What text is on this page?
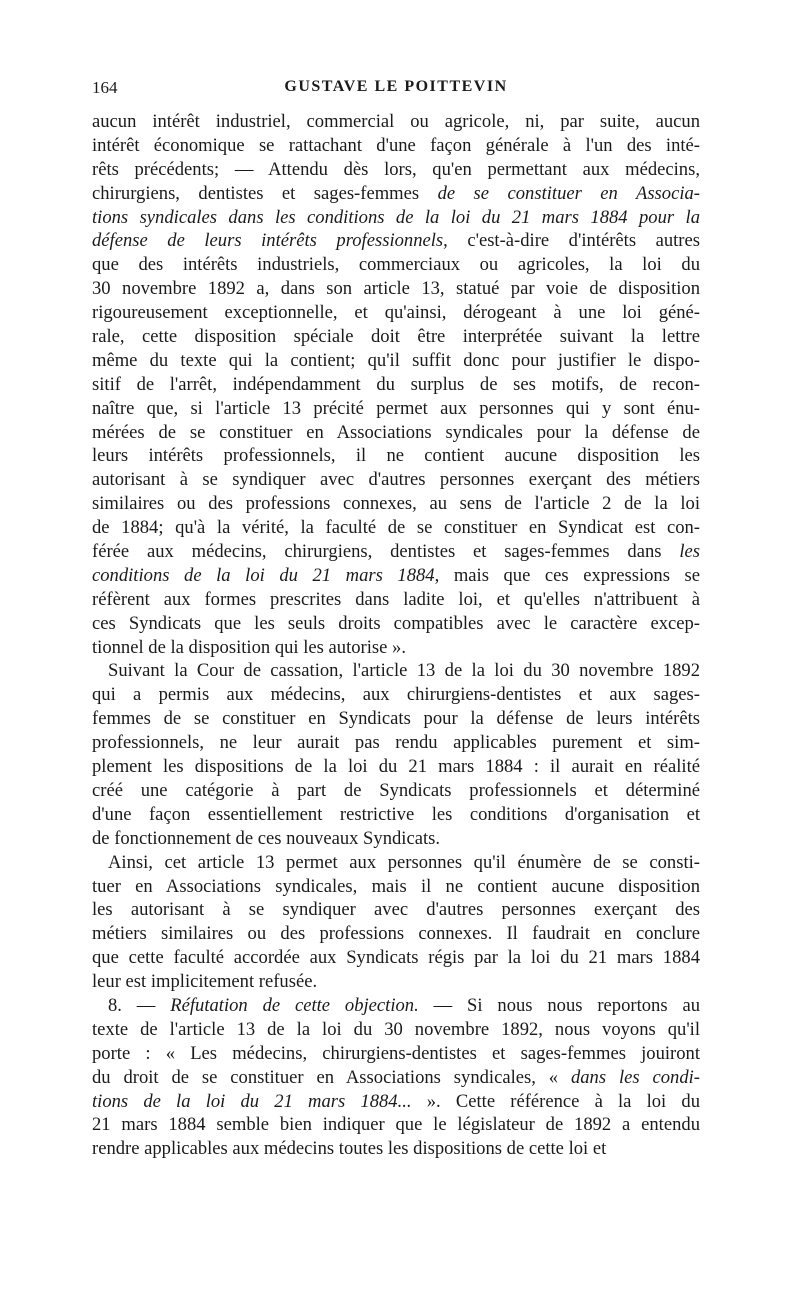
164	GUSTAVE LE POITTEVIN
aucun intérêt industriel, commercial ou agricole, ni, par suite, aucun
intérêt économique se rattachant d'une façon générale à l'un des inté-
rêts précédents; — Attendu dès lors, qu'en permettant aux médecins,
chirurgiens, dentistes et sages-femmes de se constituer en Associa-
tions syndicales dans les conditions de la loi du 21 mars 1884 pour la
défense de leurs intérêts professionnels, c'est-à-dire d'intérêts autres
que des intérêts industriels, commerciaux ou agricoles, la loi du
30 novembre 1892 a, dans son article 13, statué par voie de disposition
rigoureusement exceptionnelle, et qu'ainsi, dérogeant à une loi géné-
rale, cette disposition spéciale doit être interprétée suivant la lettre
même du texte qui la contient; qu'il suffit donc pour justifier le dispo-
sitif de l'arrêt, indépendamment du surplus de ses motifs, de recon-
naître que, si l'article 13 précité permet aux personnes qui y sont énu-
mérées de se constituer en Associations syndicales pour la défense de
leurs intérêts professionnels, il ne contient aucune disposition les
autorisant à se syndiquer avec d'autres personnes exerçant des métiers
similaires ou des professions connexes, au sens de l'article 2 de la loi
de 1884; qu'à la vérité, la faculté de se constituer en Syndicat est con-
férée aux médecins, chirurgiens, dentistes et sages-femmes dans les
conditions de la loi du 21 mars 1884, mais que ces expressions se
réfèrent aux formes prescrites dans ladite loi, et qu'elles n'attribuent à
ces Syndicats que les seuls droits compatibles avec le caractère excep-
tionnel de la disposition qui les autorise ».
Suivant la Cour de cassation, l'article 13 de la loi du 30 novembre 1892
qui a permis aux médecins, aux chirurgiens-dentistes et aux sages-
femmes de se constituer en Syndicats pour la défense de leurs intérêts
professionnels, ne leur aurait pas rendu applicables purement et sim-
plement les dispositions de la loi du 21 mars 1884 : il aurait en réalité
créé une catégorie à part de Syndicats professionnels et déterminé
d'une façon essentiellement restrictive les conditions d'organisation et
de fonctionnement de ces nouveaux Syndicats.
Ainsi, cet article 13 permet aux personnes qu'il énumère de se consti-
tuer en Associations syndicales, mais il ne contient aucune disposition
les autorisant à se syndiquer avec d'autres personnes exerçant des
métiers similaires ou des professions connexes. Il faudrait en conclure
que cette faculté accordée aux Syndicats régis par la loi du 21 mars 1884
leur est implicitement refusée.
8. — Réfutation de cette objection. — Si nous nous reportons au
texte de l'article 13 de la loi du 30 novembre 1892, nous voyons qu'il
porte : « Les médecins, chirurgiens-dentistes et sages-femmes jouiront
du droit de se constituer en Associations syndicales, « dans les condi-
tions de la loi du 21 mars 1884... ». Cette référence à la loi du
21 mars 1884 semble bien indiquer que le législateur de 1892 a entendu
rendre applicables aux médecins toutes les dispositions de cette loi et
